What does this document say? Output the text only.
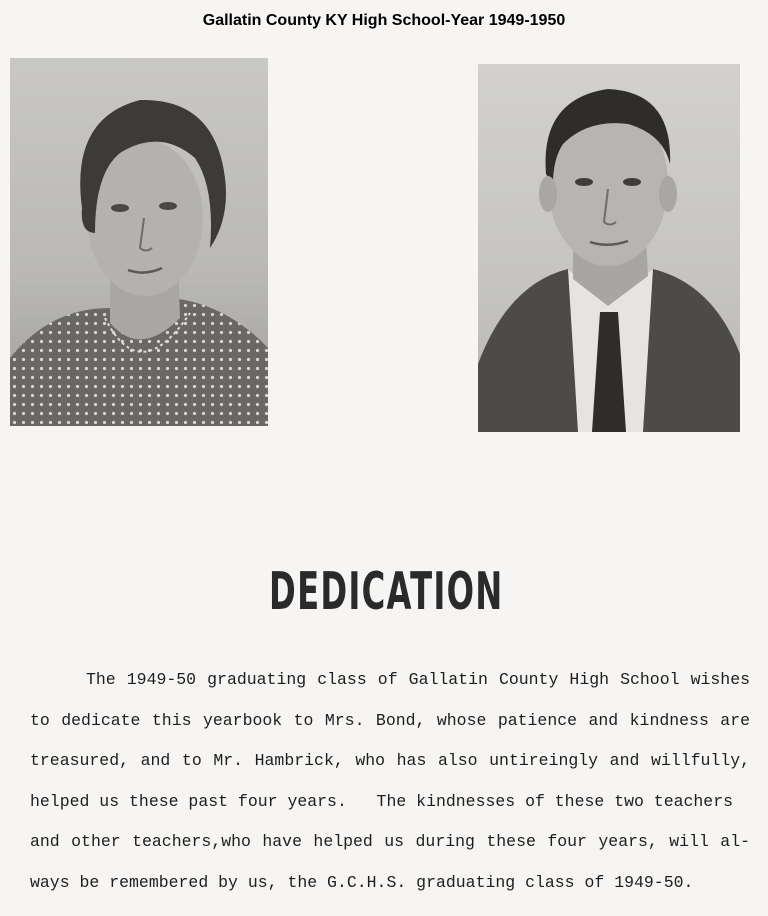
Gallatin County KY High School-Year 1949-1950
DEDICATION
The 1949-50 graduating class of Gallatin County High School wishes
to dedicate this yearbook to Mrs. Bond, whose patience and kindness are
treasured, and to Mr. Hambrick, who has also untireingly and willfully,
helped us these past four years.   The kindnesses of these two teachers
and other teachers,who have helped us during these four years, will al-
ways be remembered by us, the G.C.H.S. graduating class of 1949-50.
